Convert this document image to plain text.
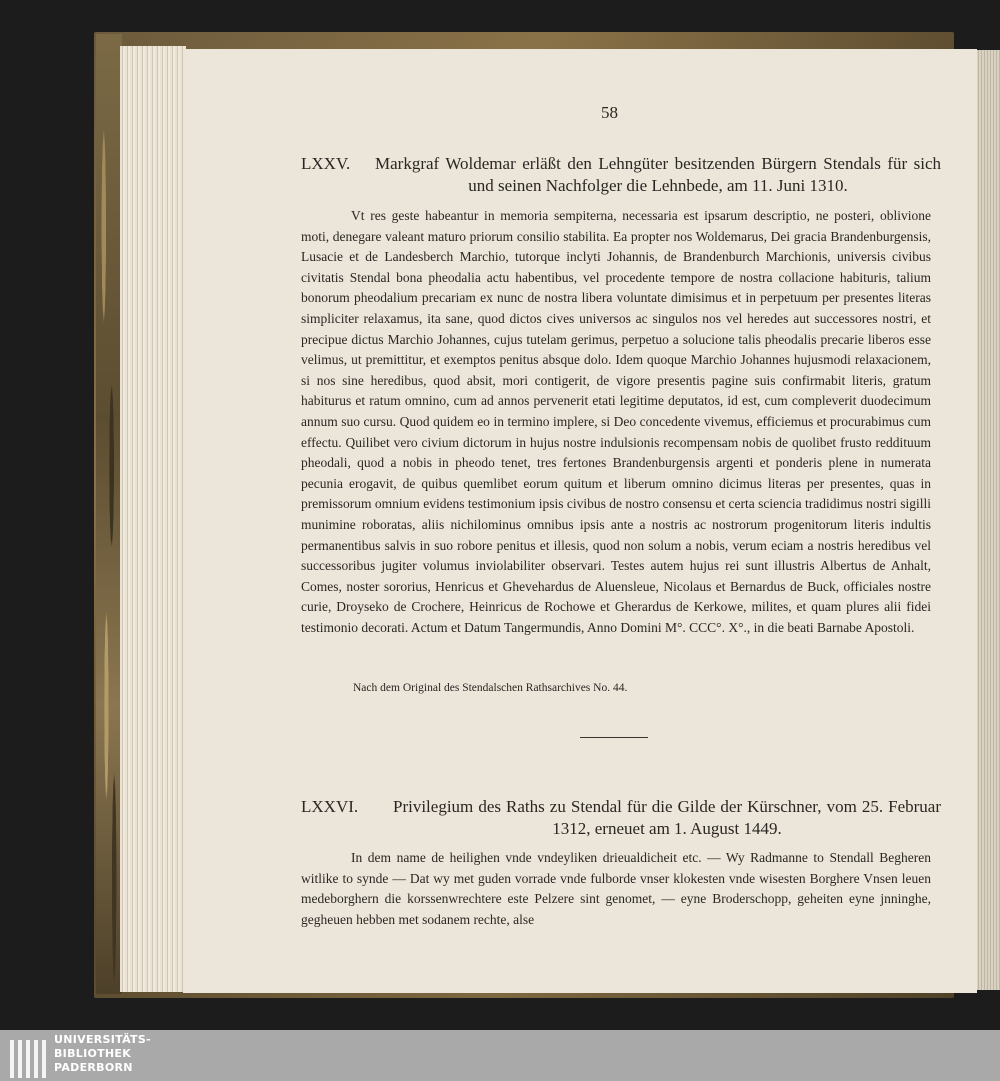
58
LXXV. Markgraf Woldemar erläßt den Lehngüter besitzenden Bürgern Stendals für sich und seinen Nachfolger die Lehnbede, am 11. Juni 1310.

Vt res geste habeantur in memoria sempiterna, necessaria est ipsarum descriptio, ne posteri, oblivione moti, denegare valeant maturo priorum consilio stabilita. Ea propter nos Woldemarus, Dei gracia Brandenburgensis, Lusacie et de Landesberch Marchio, tutorque inclyti Johannis, de Brandenburch Marchionis, universis civibus civitatis Stendal bona pheodalia actu habentibus, vel procedente tempore de nostra collacione habituris, talium bonorum pheodalium precariam ex nunc de nostra libera voluntate dimisimus et in perpetuum per presentes literas simpliciter relaxamus, ita sane, quod dictos cives universos ac singulos nos vel heredes aut successores nostri, et precipue dictus Marchio Johannes, cujus tutelam gerimus, perpetuo a solucione talis pheodalis precarie liberos esse velimus, ut premittitur, et exemptos penitus absque dolo. Idem quoque Marchio Johannes hujusmodi relaxacionem, si nos sine heredibus, quod absit, mori contigerit, de vigore presentis pagine suis confirmabit literis, gratum habiturus et ratum omnino, cum ad annos pervenerit etati legitime deputatos, id est, cum compleverit duodecimum annum suo cursu. Quod quidem eo in termino implere, si Deo concedente vivemus, efficiemus et procurabimus cum effectu. Quilibet vero civium dictorum in hujus nostre indulsionis recompensam nobis de quolibet frusto reddituum pheodali, quod a nobis in pheodo tenet, tres fertones Brandenburgensis argenti et ponderis plene in numerata pecunia erogavit, de quibus quemlibet eorum quitum et liberum omnino dicimus literas per presentes, quas in premissorum omnium evidens testimonium ipsis civibus de nostro consensu et certa sciencia tradidimus nostri sigilli munimine roboratas, aliis nichilominus omnibus ipsis ante a nostris ac nostrorum progenitorum literis indultis permanentibus salvis in suo robore penitus et illesis, quod non solum a nobis, verum eciam a nostris heredibus vel successoribus jugiter volumus inviolabiliter observari. Testes autem hujus rei sunt illustris Albertus de Anhalt, Comes, noster sororius, Henricus et Ghevehardus de Aluensleue, Nicolaus et Bernardus de Buck, officiales nostre curie, Droyseko de Crochere, Heinricus de Rochowe et Gherardus de Kerkowe, milites, et quam plures alii fidei testimonio decorati. Actum et Datum Tangermundis, Anno Domini M°. CCC°. X°., in die beati Barnabe Apostoli.

Nach dem Original des Stendalschen Rathsarchives No. 44.
LXXVI. Privilegium des Raths zu Stendal für die Gilde der Kürschner, vom 25. Februar 1312, erneuet am 1. August 1449.

In dem name de heilighen vnde vndeyliken drieualdicheit etc. — Wy Radmanne to Stendall Begheren witlike to synde — Dat wy met guden vorrade vnde fulborde vnser klokesten vnde wisesten Borghere Vnsen leuen medeborghern die korssenwrechtere este Pelzere sint genomet, — eyne Broderschopp, geheiten eyne jnninghe, gegheuen hebben met sodanem rechte, alse

UNIVERSITÄTS-
BIBLIOTHEK
PADERBORN
